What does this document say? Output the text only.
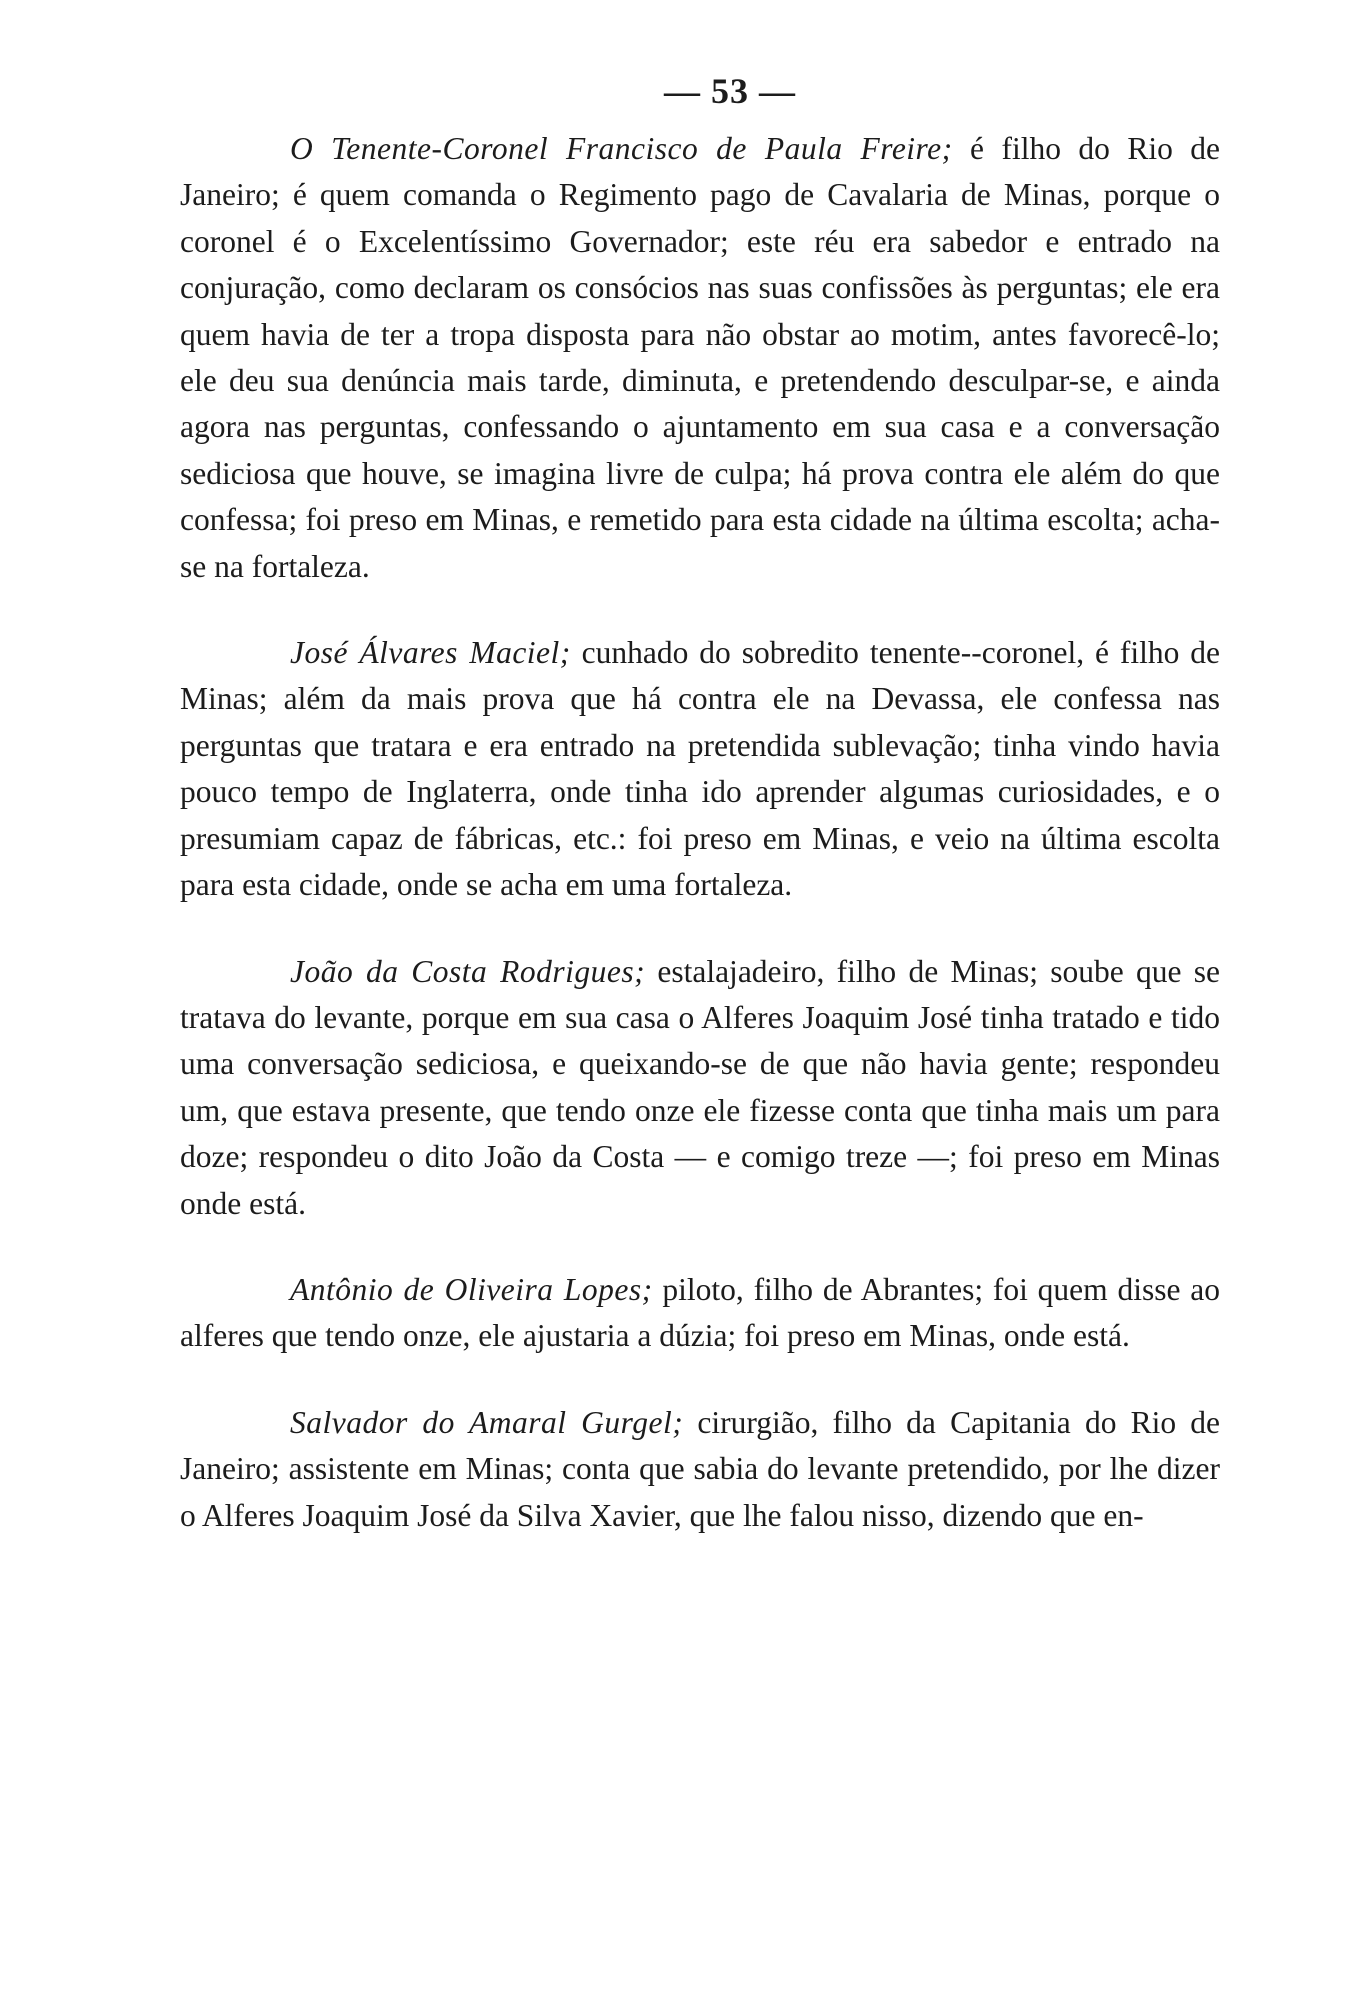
— 53 —

O Tenente-Coronel Francisco de Paula Freire; é filho do Rio de Janeiro; é quem comanda o Regimento pago de Cavalaria de Minas, porque o coronel é o Excelentíssimo Governador; este réu era sabedor e entrado na conjuração, como declaram os consócios nas suas confissões às perguntas; ele era quem havia de ter a tropa disposta para não obstar ao motim, antes favorecê-lo; ele deu sua denúncia mais tarde, diminuta, e pretendendo desculpar-se, e ainda agora nas perguntas, confessando o ajuntamento em sua casa e a conversação sediciosa que houve, se imagina livre de culpa; há prova contra ele além do que confessa; foi preso em Minas, e remetido para esta cidade na última escolta; acha-se na fortaleza.

José Álvares Maciel; cunhado do sobredito tenente--coronel, é filho de Minas; além da mais prova que há contra ele na Devassa, ele confessa nas perguntas que tratara e era entrado na pretendida sublevação; tinha vindo havia pouco tempo de Inglaterra, onde tinha ido aprender algumas curiosidades, e o presumiam capaz de fábricas, etc.: foi preso em Minas, e veio na última escolta para esta cidade, onde se acha em uma fortaleza.

João da Costa Rodrigues; estalajadeiro, filho de Minas; soube que se tratava do levante, porque em sua casa o Alferes Joaquim José tinha tratado e tido uma conversação sediciosa, e queixando-se de que não havia gente; respondeu um, que estava presente, que tendo onze ele fizesse conta que tinha mais um para doze; respondeu o dito João da Costa — e comigo treze —; foi preso em Minas onde está.

Antônio de Oliveira Lopes; piloto, filho de Abrantes; foi quem disse ao alferes que tendo onze, ele ajustaria a dúzia; foi preso em Minas, onde está.

Salvador do Amaral Gurgel; cirurgião, filho da Capitania do Rio de Janeiro; assistente em Minas; conta que sabia do levante pretendido, por lhe dizer o Alferes Joaquim José da Silva Xavier, que lhe falou nisso, dizendo que en-
